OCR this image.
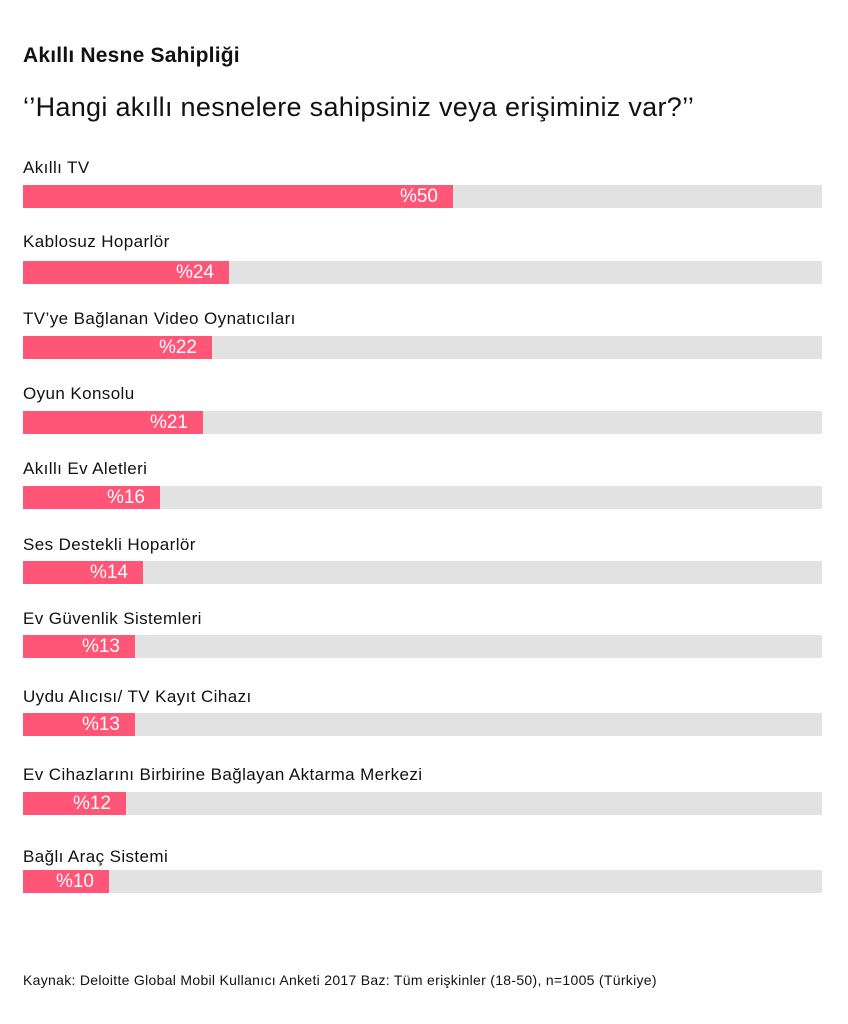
Akıllı Nesne Sahipliği
‘’Hangi akıllı nesnelere sahipsiniz veya erişiminiz var?’’
Akıllı TV
%50
Kablosuz Hoparlör
%24
TV’ye Bağlanan Video Oynatıcıları
%22
Oyun Konsolu
%21
Akıllı Ev Aletleri
%16
Ses Destekli Hoparlör
%14
Ev Güvenlik Sistemleri
%13
Uydu Alıcısı/ TV Kayıt Cihazı
%13
Ev Cihazlarını Birbirine Bağlayan Aktarma Merkezi
%12
Bağlı Araç Sistemi
%10
Kaynak: Deloitte Global Mobil Kullanıcı Anketi 2017 Baz: Tüm erişkinler (18-50), n=1005 (Türkiye)
